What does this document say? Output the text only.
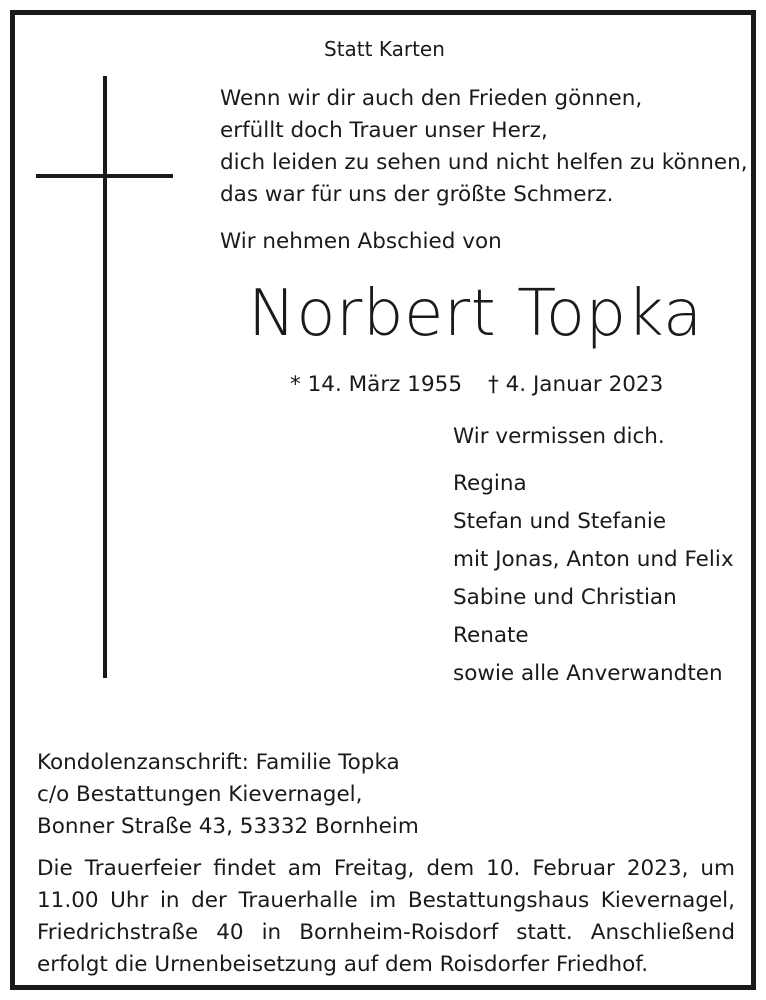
Statt Karten
Wenn wir dir auch den Frieden gönnen,
erfüllt doch Trauer unser Herz,
dich leiden zu sehen und nicht helfen zu können,
das war für uns der größte Schmerz.
Wir nehmen Abschied von
Norbert Topka
* 14. März 1955 † 4. Januar 2023
Wir vermissen dich.
Regina
Stefan und Stefanie
mit Jonas, Anton und Felix
Sabine und Christian
Renate
sowie alle Anverwandten
Kondolenzanschrift: Familie Topka
c/o Bestattungen Kievernagel,
Bonner Straße 43, 53332 Bornheim
Die Trauerfeier findet am Freitag, dem 10. Februar 2023, um
11.00 Uhr in der Trauerhalle im Bestattungshaus Kievernagel,
Friedrichstraße 40 in Bornheim-Roisdorf statt. Anschließend
erfolgt die Urnenbeisetzung auf dem Roisdorfer Friedhof.
